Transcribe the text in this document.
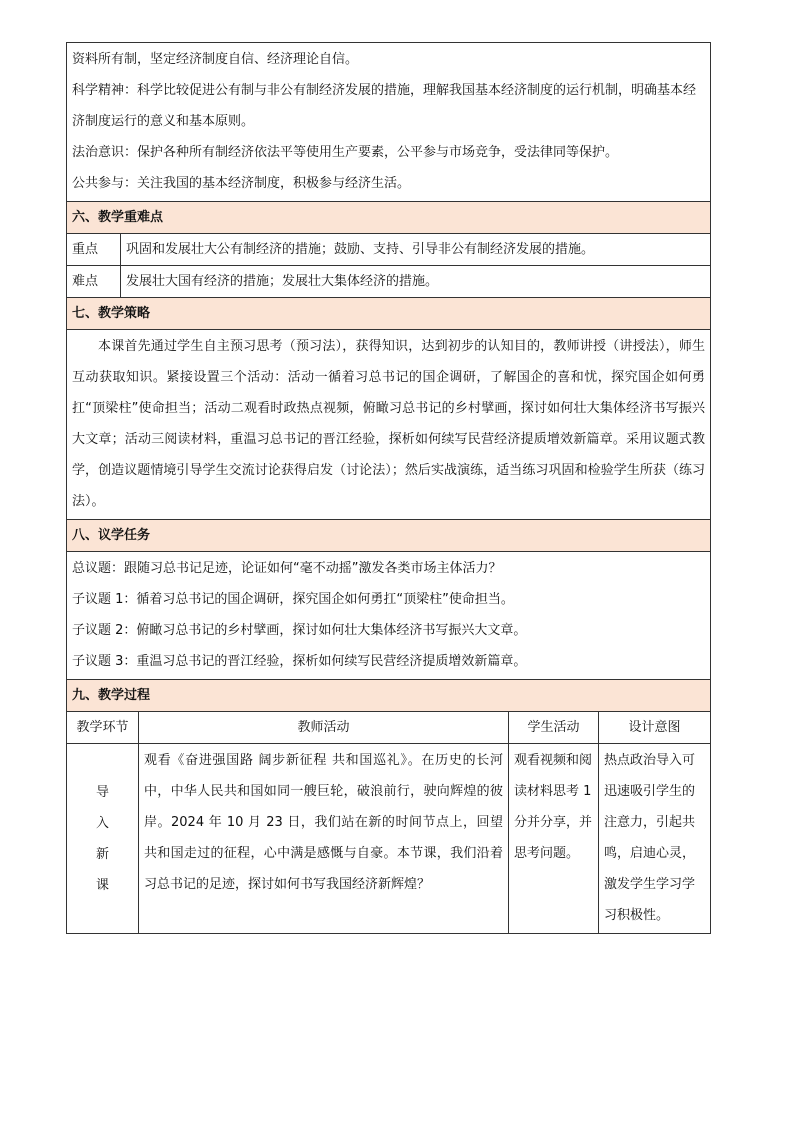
资料所有制，坚定经济制度自信、经济理论自信。

科学精神：科学比较促进公有制与非公有制经济发展的措施，理解我国基本经济制度的运行机制，明确基本经济制度运行的意义和基本原则。

法治意识：保护各种所有制经济依法平等使用生产要素，公平参与市场竞争，受法律同等保护。

公共参与：关注我国的基本经济制度，积极参与经济生活。				

六、教学重难点				
重点	巩固和发展壮大公有制经济的措施；鼓励、支持、引导非公有制经济发展的措施。			
难点	发展壮大国有经济的措施；发展壮大集体经济的措施。			
七、教学策略				

本课首先通过学生自主预习思考（预习法），获得知识，达到初步的认知目的，教师讲授（讲授法），师生互动获取知识。紧接设置三个活动：活动一循着习总书记的国企调研，了解国企的喜和忧，探究国企如何勇扛“顶梁柱”使命担当；活动二观看时政热点视频，俯瞰习总书记的乡村擘画，探讨如何壮大集体经济书写振兴大文章；活动三阅读材料，重温习总书记的晋江经验，探析如何续写民营经济提质增效新篇章。采用议题式教学，创造议题情境引导学生交流讨论获得启发（讨论法）；然后实战演练，适当练习巩固和检验学生所获（练习法）。				

八、议学任务				

总议题：跟随习总书记足迹，论证如何“毫不动摇”激发各类市场主体活力？

子议题 1：循着习总书记的国企调研，探究国企如何勇扛“顶梁柱”使命担当。

子议题 2：俯瞰习总书记的乡村擘画，探讨如何壮大集体经济书写振兴大文章。

子议题 3：重温习总书记的晋江经验，探析如何续写民营经济提质增效新篇章。				

九、教学过程				
教学环节		教师活动	学生活动	设计意图

导
入
新
课		观看《奋进强国路 阔步新征程 共和国巡礼》。在历史的长河中，中华人民共和国如同一艘巨轮，破浪前行，驶向辉煌的彼岸。2024 年 10 月 23 日，我们站在新的时间节点上，回望共和国走过的征程，心中满是感慨与自豪。本节课，我们沿着习总书记的足迹，探讨如何书写我国经济新辉煌？	观看视频和阅读材料思考 1 分并分享，并思考问题。	热点政治导入可迅速吸引学生的注意力，引起共鸣，启迪心灵，激发学生学习学习积极性。
